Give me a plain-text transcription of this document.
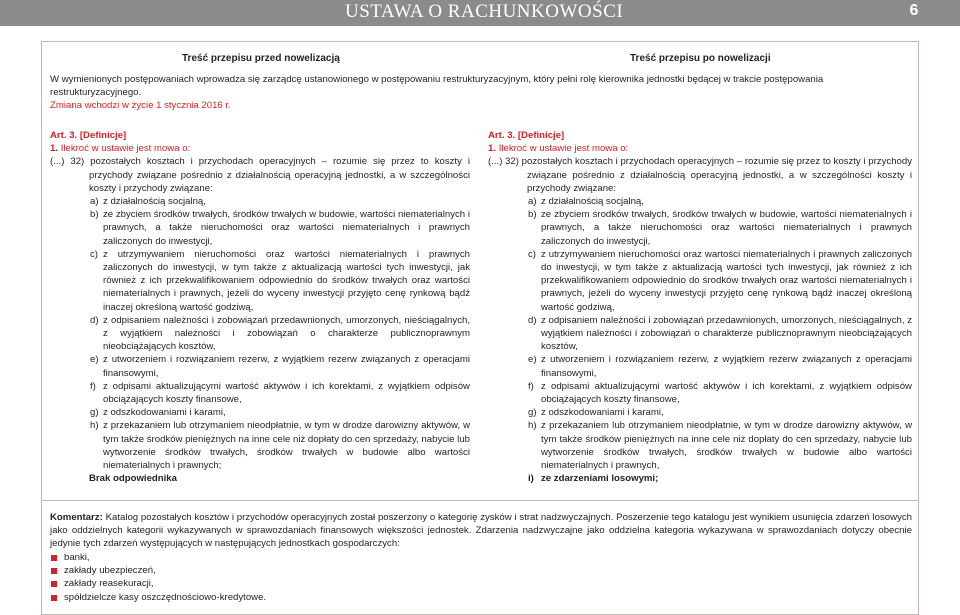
USTAWA O RACHUNKOWOŚCI	6
Treść przepisu przed nowelizacją	Treść przepisu po nowelizacji
W wymienionych postępowaniach wprowadza się zarządcę ustanowionego w postępowaniu restrukturyzacyjnym, który pełni rolę kierownika jednostki będącej w trakcie postępowania restrukturyzacyjnego.
Zmiana wchodzi w życie 1 stycznia 2016 r.
Art. 3. [Definicje]
1. Ilekroć w ustawie jest mowa o:
(...) 32) pozostałych kosztach i przychodach operacyjnych – rozumie się przez to koszty i przychody związane pośrednio z działalnością operacyjną jednostki, a w szczególności koszty i przychody związane:
a) z działalnością socjalną,
b) ze zbyciem środków trwałych, środków trwałych w budowie, wartości niematerialnych i prawnych, a także nieruchomości oraz wartości niematerialnych i prawnych zaliczonych do inwestycji,
c) z utrzymywaniem nieruchomości oraz wartości niematerialnych i prawnych zaliczonych do inwestycji, w tym także z aktualizacją wartości tych inwestycji, jak również z ich przekwalifikowaniem odpowiednio do środków trwałych oraz wartości niematerialnych i prawnych, jeżeli do wyceny inwestycji przyjęto cenę rynkową bądź inaczej określoną wartość godziwą,
d) z odpisaniem należności i zobowiązań przedawnionych, umorzonych, nieściągalnych, z wyjątkiem należności i zobowiązań o charakterze publicznoprawnym nieobciążających kosztów,
e) z utworzeniem i rozwiązaniem rezerw, z wyjątkiem rezerw związanych z operacjami finansowymi,
f) z odpisami aktualizującymi wartość aktywów i ich korektami, z wyjątkiem odpisów obciążających koszty finansowe,
g) z odszkodowaniami i karami,
h) z przekazaniem lub otrzymaniem nieodpłatnie, w tym w drodze darowizny aktywów, w tym także środków pieniężnych na inne cele niż dopłaty do cen sprzedaży, nabycie lub wytworzenie środków trwałych, środków trwałych w budowie albo wartości niematerialnych i prawnych;
Brak odpowiednika
Art. 3. [Definicje]
1. Ilekroć w ustawie jest mowa o:
(...) 32) pozostałych kosztach i przychodach operacyjnych – rozumie się przez to koszty i przychody związane pośrednio z działalnością operacyjną jednostki, a w szczególności koszty i przychody związane:
a) z działalnością socjalną,
b) ze zbyciem środków trwałych, środków trwałych w budowie, wartości niematerialnych i prawnych, a także nieruchomości oraz wartości niematerialnych i prawnych zaliczonych do inwestycji,
c) z utrzymywaniem nieruchomości oraz wartości niematerialnych i prawnych zaliczonych do inwestycji, w tym także z aktualizacją wartości tych inwestycji, jak również z ich przekwalifikowaniem odpowiednio do środków trwałych oraz wartości niematerialnych i prawnych, jeżeli do wyceny inwestycji przyjęto cenę rynkową bądź inaczej określoną wartość godziwą,
d) z odpisaniem należności i zobowiązań przedawnionych, umorzonych, nieściągalnych, z wyjątkiem należności i zobowiązań o charakterze publicznoprawnym nieobciążających kosztów,
e) z utworzeniem i rozwiązaniem rezerw, z wyjątkiem rezerw związanych z operacjami finansowymi,
f) z odpisami aktualizującymi wartość aktywów i ich korektami, z wyjątkiem odpisów obciążających koszty finansowe,
g) z odszkodowaniami i karami,
h) z przekazaniem lub otrzymaniem nieodpłatnie, w tym w drodze darowizny aktywów, w tym także środków pieniężnych na inne cele niż dopłaty do cen sprzedaży, nabycie lub wytworzenie środków trwałych, środków trwałych w budowie albo wartości niematerialnych i prawnych,
i) ze zdarzeniami losowymi;
Komentarz: Katalog pozostałych kosztów i przychodów operacyjnych został poszerzony o kategorię zysków i strat nadzwyczajnych. Poszerzenie tego katalogu jest wynikiem usunięcia zdarzeń losowych jako oddzielnych kategorii wykazywanych w sprawozdaniach finansowych większości jednostek. Zdarzenia nadzwyczajne jako oddzielna kategoria wykazywana w sprawozdaniach dotyczy obecnie jedynie tych zdarzeń występujących w następujących jednostkach gospodarczych:
banki,
zakłady ubezpieczeń,
zakłady reasekuracji,
spółdzielcze kasy oszczędnościowo-kredytowe.
